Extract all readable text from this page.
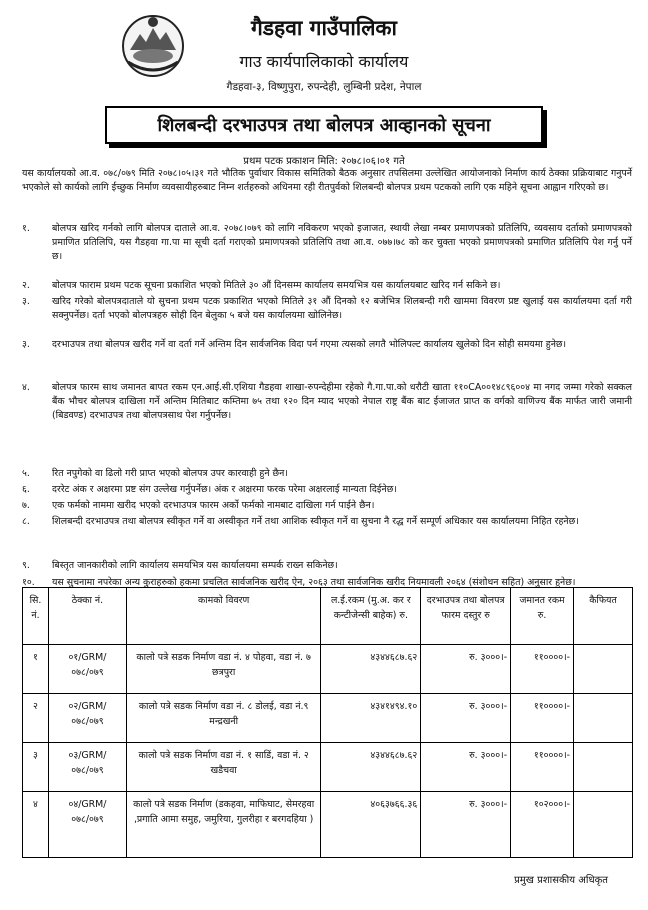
गैडहवा गाउँपालिका
गाउ कार्यपालिकाको कार्यालय
गैडहवा-३, विष्णुपुरा, रुपन्देही, लुम्बिनी प्रदेश, नेपाल
शिलबन्दी दरभाउपत्र तथा बोलपत्र आव्हानको सूचना
प्रथम पटक प्रकाशन मिति: २०७८।०६।०१ गते

यस कार्यालयको आ.व. ०७८/०७९ मिति २०७८।०५।३१ गते भौतिक पुर्वाधार विकास समितिको बैठक अनुसार तपसिलमा उल्लेखित आयोजनाको निर्माण कार्य ठेक्का प्रक्रियाबाट गनुपर्ने भएकोले सो कार्यको लागि ईच्छुक निर्माण व्यवसायीहरुबाट निम्न शर्तहरुको अधिनमा रही रीतपुर्वको शिलबन्दी बोलपत्र प्रथम पटकको लागि एक महिने सूचना आह्वान गरिएको छ।

१.	बोलपत्र खरिद गर्नको लागि बोलपत्र दाताले आ.व. २०७८।०७९ को लागि नविकरण भएको इजाजत, स्थायी लेखा नम्बर प्रमाणपत्रको प्रतिलिपि, व्यवसाय दर्ताको प्रमाणपत्रको प्रमाणित प्रतिलिपि, यस गैडहवा गा.पा मा सूची दर्ता गराएको प्रमाणपत्रको प्रतिलिपि तथा आ.व. ०७७।७८ को कर चुक्ता भएको प्रमाणपत्रको प्रमाणित प्रतिलिपि पेश गर्नु पर्ने छ।
२.	बोलपत्र फाराम प्रथम पटक सूचना प्रकाशित भएको मितिले ३० औं दिनसम्म कार्यालय समयभित्र यस कार्यालयबाट खरिद गर्न सकिने छ।
३.	खरिद गरेको बोलपत्रदाताले यो सुचना प्रथम पटक प्रकाशित भएको मितिले ३१ औं दिनको १२ बजेभित्र शिलबन्दी गरी खाममा विवरण प्रष्ट खुलाई यस कार्यालयमा दर्ता गरी सक्नुपर्नेछ। दर्ता भएको बोलपत्रहरु सोही दिन बेलुका ५ बजे यस कार्यालयमा खोलिनेछ।
३.	दरभाउपत्र तथा बोलपत्र खरीद गर्ने वा दर्ता गर्ने अन्तिम दिन सार्वजनिक विदा पर्न गएमा त्यसको लगतै भोलिपल्ट कार्यालय खुलेको दिन सोही समयमा हुनेछ।
४.	बोलपत्र फारम साथ जमानत बापत रकम एन.आई.सी.एशिया गैडहवा शाखा-रुपन्देहीमा रहेको गै.गा.पा.को धरौटी खाता ११०CA००१४८९६००४ मा नगद जम्मा गरेको सक्कल बैंक भौचर बोलपत्र दाखिला गर्ने अन्तिम मितिबाट कम्तिमा ७५ तथा १२० दिन म्याद भएको नेपाल राष्ट्र बैंक बाट ईजाजत प्राप्त क वर्गको वाणिज्य बैंक मार्फत जारी जमानी (बिडवण्ड) दरभाउपत्र तथा बोलपत्रसाथ पेश गर्नुपर्नेछ।
५.	रित नपुगेको वा ढिलो गरी प्राप्त भएको बोलपत्र उपर कारवाही हुने छैन।
६.	दररेट अंक र अक्षरमा प्रष्ट संग उल्लेख गर्नुपर्नेछ। अंक र अक्षरमा फरक परेमा अक्षरलाई मान्यता दिईनेछ।
७.	एक फर्मको नाममा खरीद भएको दरभाउपत्र फारम अर्को फर्मको नामबाट दाखिला गर्न पाईने छैन।
८.	शिलबन्दी दरभाउपत्र तथा बोलपत्र स्वीकृत गर्ने वा अस्वीकृत गर्ने तथा आशिक स्वीकृत गर्ने वा सुचना नै रद्ध गर्ने सम्पूर्ण अधिकार यस कार्यालयमा निहित रहनेछ।
९.	बिस्तृत जानकारीको लागि कार्यालय समयभित्र यस कार्यालयमा सम्पर्क राख्न सकिनेछ।
१०.	यस सुचनामा नपरेका अन्य कुराहरुको हकमा प्रचलित सार्वजनिक खरीद ऐन, २०६३ तथा सार्वजनिक खरीद नियमावली २०६४ (संशोधन सहित) अनुसार हुनेछ।
सि. नं.	ठेक्का नं.	कामको विवरण	ल.ई.रकम (मु.अ. कर र कन्टीजेन्सी बाहेक) रु.	दरभाउपत्र तथा बोलपत्र फारम दस्तुर रु	जमानत रकम रु.	कैफियत
१	०१/GRM/ ०७८/०७९	कालो पत्रे सडक निर्माण वडा नं. ४ पोहवा, वडा नं. ७ छत्रपुरा	४३४४६८७.६२	रु. ३०००।-	११००००।-	
२	०२/GRM/ ०७८/०७९	कालो पत्रे सडक निर्माण वडा नं. ८ डोलई, वडा नं.९ मन्द्रखनी	४३४१४९४.१०	रु. ३०००।-	११००००।-	
३	०३/GRM/ ०७८/०७९	कालो पत्रे सडक निर्माण वडा नं. १ साडिं, वडा नं. २ खडैचवा	४३४४६८७.६२	रु. ३०००।-	११००००।-	
४	०४/GRM/ ०७८/०७९	कालो पत्रे सडक निर्माण (डकहवा, माफिघाट, सेमरहवा ,प्रगाति आमा समुह, जमुरिया, गुलरीहा र बरगदहिया )	४०६३७६६.३६	रु. ३०००।-	१०२०००।-	
प्रमुख प्रशासकीय अधिकृत
